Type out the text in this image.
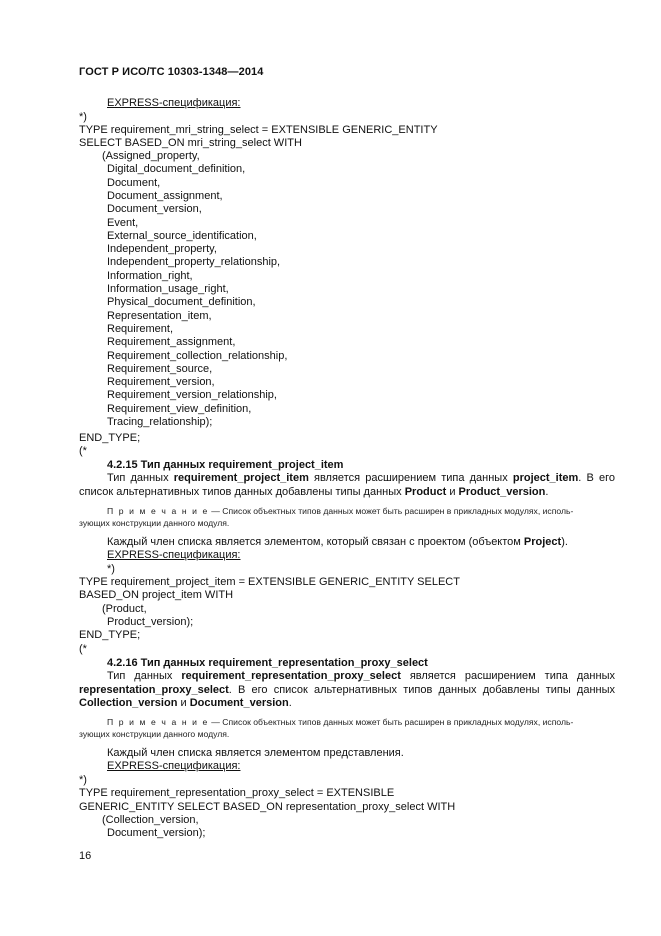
ГОСТ Р ИСО/ТС 10303-1348—2014
EXPRESS-спецификация:
*)
TYPE requirement_mri_string_select = EXTENSIBLE GENERIC_ENTITY
SELECT BASED_ON mri_string_select WITH
(Assigned_property,
Digital_document_definition,
Document,
Document_assignment,
Document_version,
Event,
External_source_identification,
Independent_property,
Independent_property_relationship,
Information_right,
Information_usage_right,
Physical_document_definition,
Representation_item,
Requirement,
Requirement_assignment,
Requirement_collection_relationship,
Requirement_source,
Requirement_version,
Requirement_version_relationship,
Requirement_view_definition,
Tracing_relationship);
END_TYPE;
(*
4.2.15 Тип данных requirement_project_item
Тип данных requirement_project_item является расширением типа данных project_item. В его список альтернативных типов данных добавлены типы данных Product и Product_version.
П р и м е ч а н и е — Список объектных типов данных может быть расширен в прикладных модулях, исполь-
зующих конструкции данного модуля.
Каждый член списка является элементом, который связан с проектом (объектом Project).
EXPRESS-спецификация:
*)
TYPE requirement_project_item = EXTENSIBLE GENERIC_ENTITY SELECT
BASED_ON project_item WITH
(Product,
Product_version);
END_TYPE;
(*
4.2.16 Тип данных requirement_representation_proxy_select
Тип данных requirement_representation_proxy_select является расширением типа данных representation_proxy_select. В его список альтернативных типов данных добавлены типы данных Collection_version и Document_version.
П р и м е ч а н и е — Список объектных типов данных может быть расширен в прикладных модулях, исполь-
зующих конструкции данного модуля.
Каждый член списка является элементом представления.
EXPRESS-спецификация:
*)
TYPE requirement_representation_proxy_select = EXTENSIBLE
GENERIC_ENTITY SELECT BASED_ON representation_proxy_select WITH
(Collection_version,
Document_version);
16
